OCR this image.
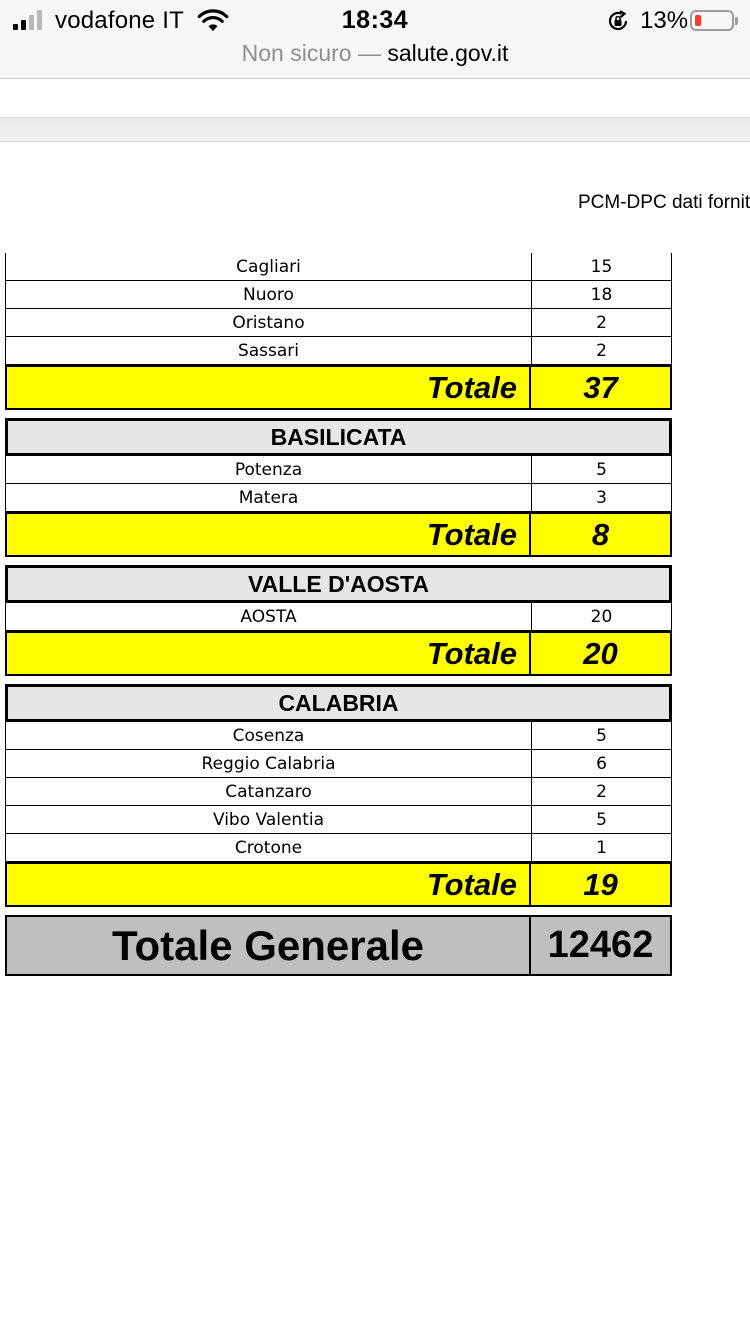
vodafone IT	18:34	13%
Non sicuro — salute.gov.it
PCM-DPC dati fornit
Cagliari	15
Nuoro	18
Oristano	2
Sassari	2
Totale	37
BASILICATA
Potenza	5
Matera	3
Totale	8
VALLE D'AOSTA
AOSTA	20
Totale	20
CALABRIA
Cosenza	5
Reggio Calabria	6
Catanzaro	2
Vibo Valentia	5
Crotone	1
Totale	19
Totale Generale	12462
